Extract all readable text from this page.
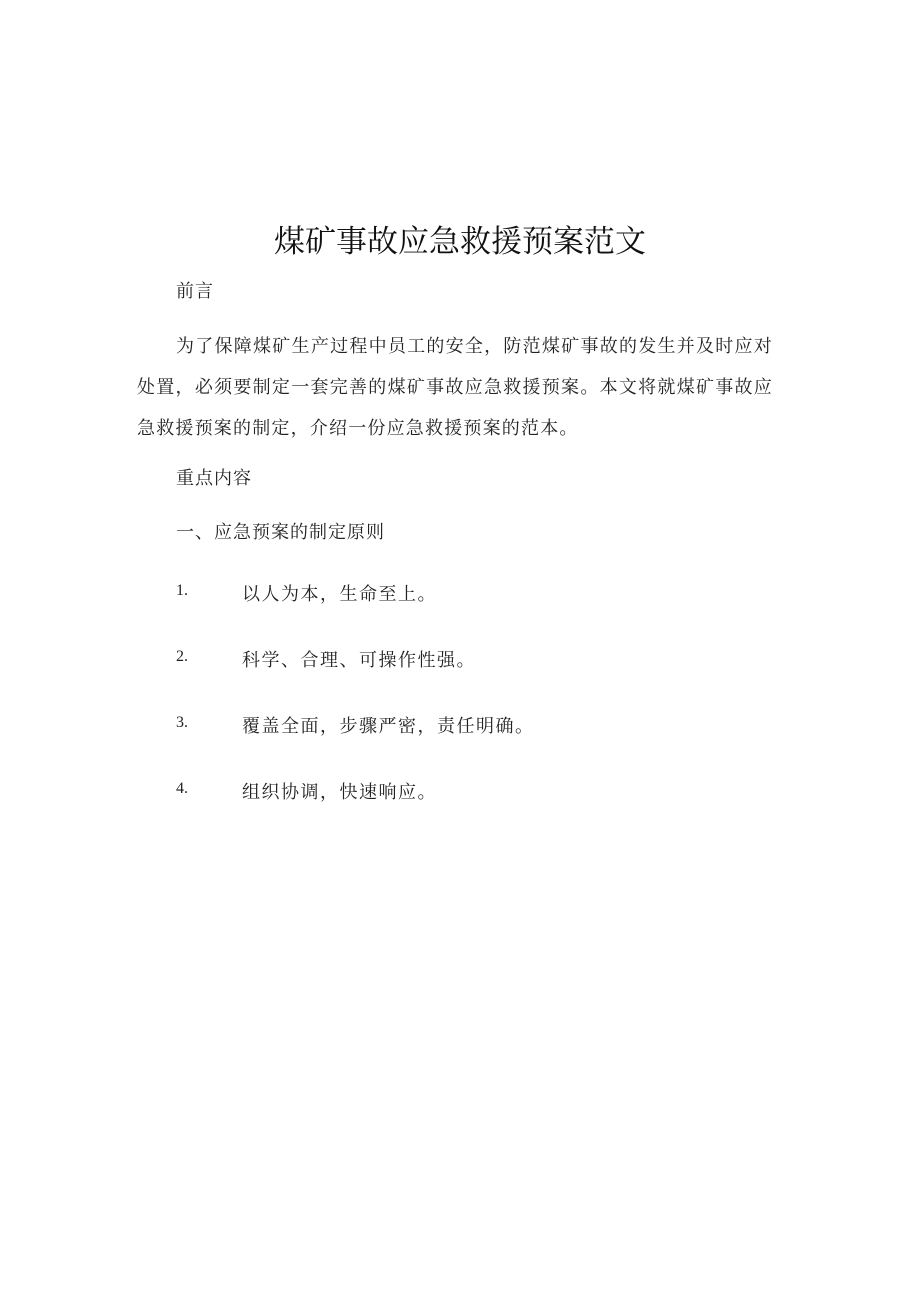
煤矿事故应急救援预案范文

前言

为了保障煤矿生产过程中员工的安全，防范煤矿事故的发生并及时应对处置，必须要制定一套完善的煤矿事故应急救援预案。本文将就煤矿事故应急救援预案的制定，介绍一份应急救援预案的范本。

重点内容

一、应急预案的制定原则

1.	以人为本，生命至上。
2.	科学、合理、可操作性强。
3.	覆盖全面，步骤严密，责任明确。
4.	组织协调，快速响应。
